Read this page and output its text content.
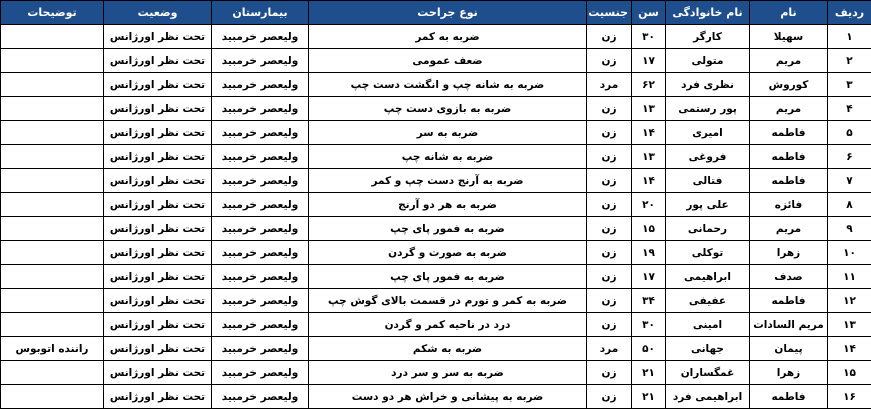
ردیف	نام	نام خانوادگی	سن	جنسیت	نوع جراحت	بیمارستان	وضعیت	توضیحات
۱	سهیلا	کارگر	۳۰	زن	ضربه به کمر	ولیعصر خرمبید	تحت نظر اورژانس	
۲	مریم	متولی	۱۷	زن	ضعف عمومی	ولیعصر خرمبید	تحت نظر اورژانس	
۳	کوروش	نظری فرد	۶۲	مرد	ضربه به شانه چپ و انگشت دست چپ	ولیعصر خرمبید	تحت نظر اورژانس	
۴	مریم	پور رستمی	۱۳	زن	ضربه به بازوی دست چپ	ولیعصر خرمبید	تحت نظر اورژانس	
۵	فاطمه	امیری	۱۴	زن	ضربه به سر	ولیعصر خرمبید	تحت نظر اورژانس	
۶	فاطمه	فروغی	۱۳	زن	ضربه به شانه چپ	ولیعصر خرمبید	تحت نظر اورژانس	
۷	فاطمه	فتالی	۱۴	زن	ضربه به آرنج دست چپ و کمر	ولیعصر خرمبید	تحت نظر اورژانس	
۸	فائزه	علی پور	۲۰	زن	ضربه به هر دو آرنج	ولیعصر خرمبید	تحت نظر اورژانس	
۹	مریم	رحمانی	۱۵	زن	ضربه به فمور پای چپ	ولیعصر خرمبید	تحت نظر اورژانس	
۱۰	زهرا	توکلی	۱۹	زن	ضربه به صورت و گردن	ولیعصر خرمبید	تحت نظر اورژانس	
۱۱	صدف	ابراهیمی	۱۷	زن	ضربه به فمور پای چپ	ولیعصر خرمبید	تحت نظر اورژانس	
۱۲	فاطمه	عفیفی	۳۴	زن	ضربه به کمر و تورم در قسمت بالای گوش چپ	ولیعصر خرمبید	تحت نظر اورژانس	
۱۳	مریم السادات	امینی	۳۰	زن	درد در ناحیه کمر و گردن	ولیعصر خرمبید	تحت نظر اورژانس	
۱۴	پیمان	جهانی	۵۰	مرد	ضربه به شکم	ولیعصر خرمبید	تحت نظر اورژانس	راننده اتوبوس
۱۵	زهرا	غمگساران	۲۱	زن	ضربه به سر و سر درد	ولیعصر خرمبید	تحت نظر اورژانس	
۱۶	فاطمه	ابراهیمی فرد	۲۱	زن	ضربه به پیشانی و خراش هر دو دست	ولیعصر خرمبید	تحت نظر اورژانس	
